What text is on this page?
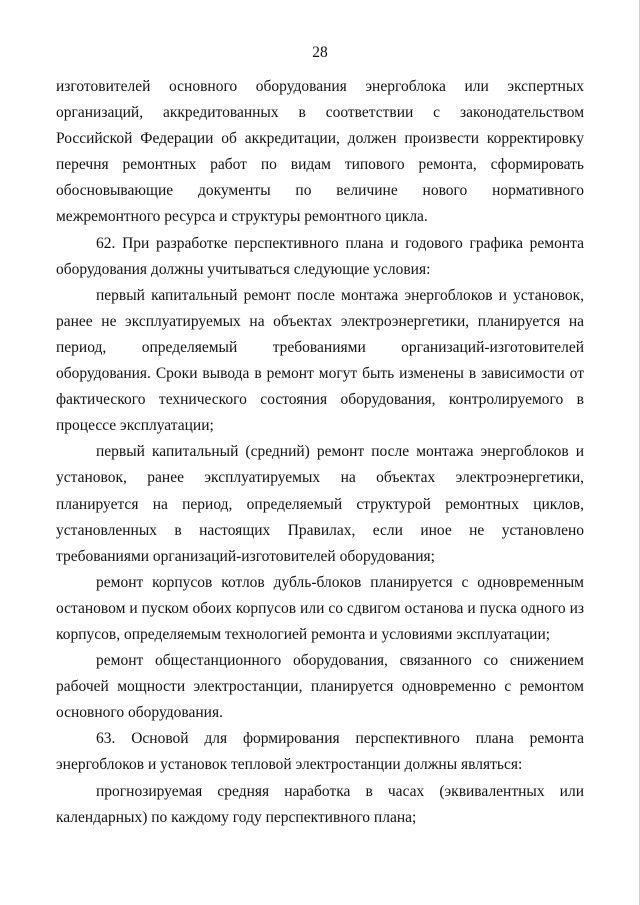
28

изготовителей основного оборудования энергоблока или экспертных организаций, аккредитованных в соответствии с законодательством Российской Федерации об аккредитации, должен произвести корректировку перечня ремонтных работ по видам типового ремонта, сформировать обосновывающие документы по величине нового нормативного межремонтного ресурса и структуры ремонтного цикла.

62. При разработке перспективного плана и годового графика ремонта оборудования должны учитываться следующие условия:

первый капитальный ремонт после монтажа энергоблоков и установок, ранее не эксплуатируемых на объектах электроэнергетики, планируется на период, определяемый требованиями организаций-изготовителей оборудования. Сроки вывода в ремонт могут быть изменены в зависимости от фактического технического состояния оборудования, контролируемого в процессе эксплуатации;

первый капитальный (средний) ремонт после монтажа энергоблоков и установок, ранее эксплуатируемых на объектах электроэнергетики, планируется на период, определяемый структурой ремонтных циклов, установленных в настоящих Правилах, если иное не установлено требованиями организаций-изготовителей оборудования;

ремонт корпусов котлов дубль-блоков планируется с одновременным остановом и пуском обоих корпусов или со сдвигом останова и пуска одного из корпусов, определяемым технологией ремонта и условиями эксплуатации;

ремонт общестанционного оборудования, связанного со снижением рабочей мощности электростанции, планируется одновременно с ремонтом основного оборудования.

63. Основой для формирования перспективного плана ремонта энергоблоков и установок тепловой электростанции должны являться:

прогнозируемая средняя наработка в часах (эквивалентных или календарных) по каждому году перспективного плана;
